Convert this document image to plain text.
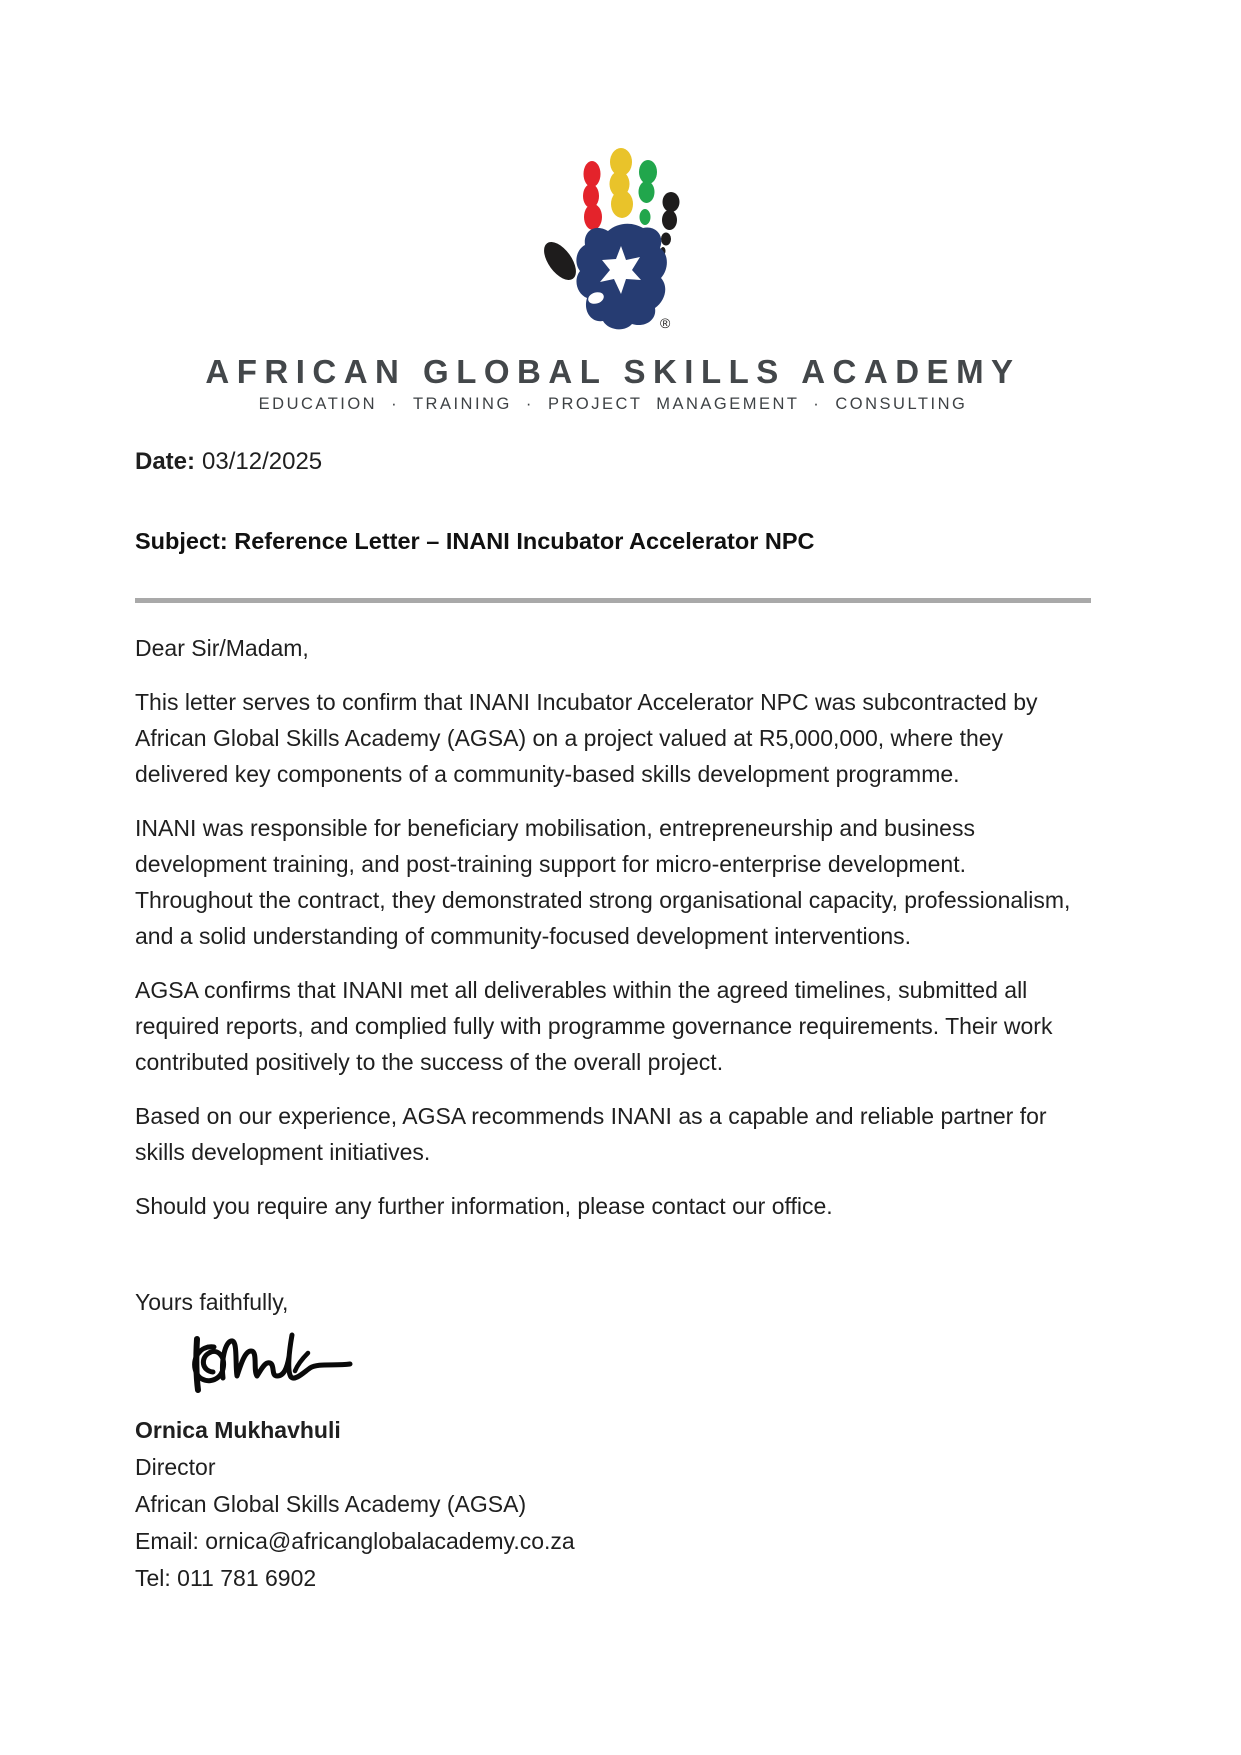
®
AFRICAN GLOBAL SKILLS ACADEMY
EDUCATION · TRAINING · PROJECT MANAGEMENT · CONSULTING
Date: 03/12/2025
Subject: Reference Letter – INANI Incubator Accelerator NPC
Dear Sir/Madam,

This letter serves to confirm that INANI Incubator Accelerator NPC was subcontracted by African Global Skills Academy (AGSA) on a project valued at R5,000,000, where they delivered key components of a community-based skills development programme.

INANI was responsible for beneficiary mobilisation, entrepreneurship and business development training, and post-training support for micro-enterprise development. Throughout the contract, they demonstrated strong organisational capacity, professionalism, and a solid understanding of community-focused development interventions.

AGSA confirms that INANI met all deliverables within the agreed timelines, submitted all required reports, and complied fully with programme governance requirements. Their work contributed positively to the success of the overall project.

Based on our experience, AGSA recommends INANI as a capable and reliable partner for skills development initiatives.

Should you require any further information, please contact our office.

Yours faithfully,
Ornica Mukhavhuli
Director
African Global Skills Academy (AGSA)
Email: ornica@africanglobalacademy.co.za
Tel: 011 781 6902
